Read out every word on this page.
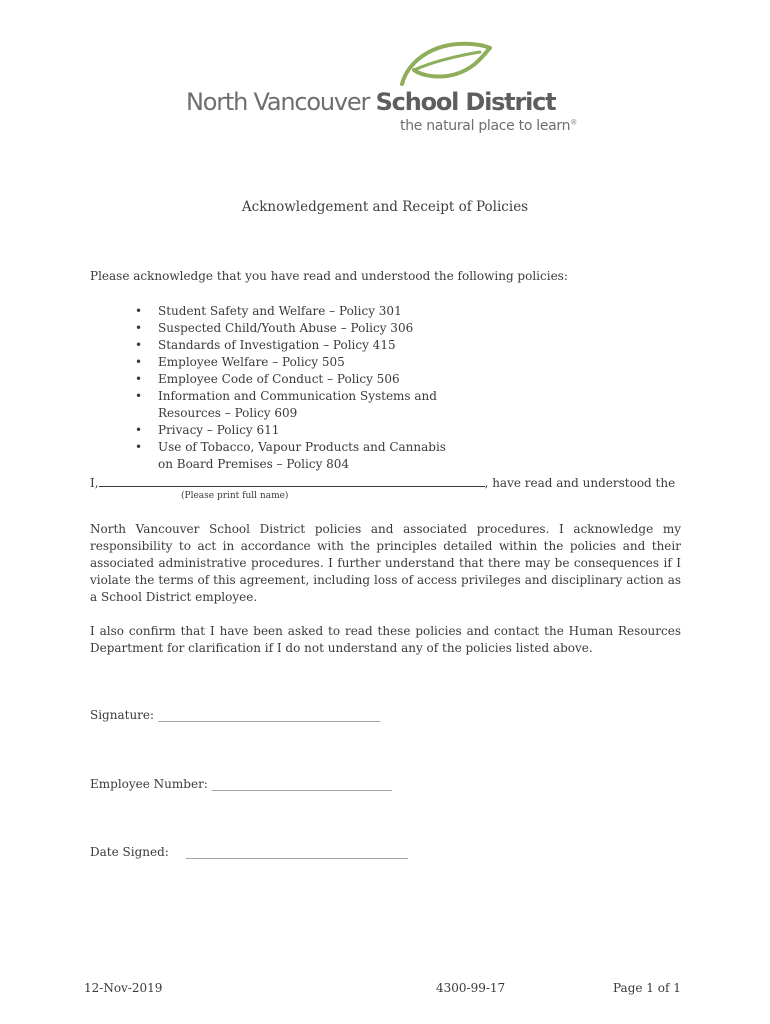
North Vancouver School District
the natural place to learn®
Acknowledgement and Receipt of Policies
Please acknowledge that you have read and understood the following policies:
• Student Safety and Welfare – Policy 301
• Suspected Child/Youth Abuse – Policy 306
• Standards of Investigation – Policy 415
• Employee Welfare – Policy 505
• Employee Code of Conduct – Policy 506
• Information and Communication Systems and Resources – Policy 609
• Privacy – Policy 611
• Use of Tobacco, Vapour Products and Cannabis on Board Premises – Policy 804
I,	, have read and understood the
(Please print full name)
North Vancouver School District policies and associated procedures. I acknowledge my responsibility to act in accordance with the principles detailed within the policies and their associated administrative procedures. I further understand that there may be consequences if I violate the terms of this agreement, including loss of access privileges and disciplinary action as a School District employee.
I also confirm that I have been asked to read these policies and contact the Human Resources Department for clarification if I do not understand any of the policies listed above.
Signature: _____________________________________
Employee Number: ______________________________
Date Signed: _____________________________________
12-Nov-2019	4300-99-17	Page 1 of 1
